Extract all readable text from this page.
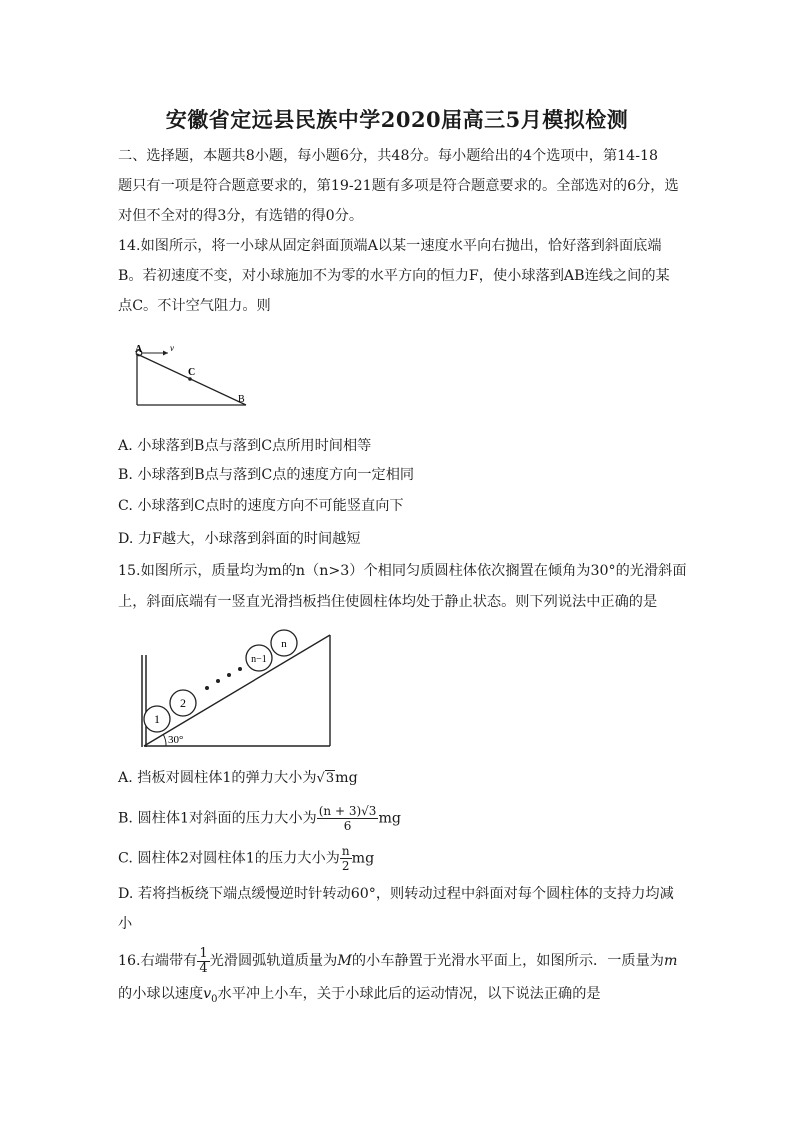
安徽省定远县民族中学2020届高三5月模拟检测
二、选择题，本题共8小题，每小题6分，共48分。每小题给出的4个选项中，第14-18
题只有一项是符合题意要求的，第19-21题有多项是符合题意要求的。全部选对的6分，选
对但不全对的得3分，有选错的得0分。
14.如图所示，将一小球从固定斜面顶端A以某一速度水平向右抛出，恰好落到斜面底端
B。若初速度不变，对小球施加不为零的水平方向的恒力F，使小球落到AB连线之间的某
点C。不计空气阻力。则
A	v
C
B
A. 小球落到B点与落到C点所用时间相等
B. 小球落到B点与落到C点的速度方向一定相同
C. 小球落到C点时的速度方向不可能竖直向下
D. 力F越大，小球落到斜面的时间越短
15.如图所示，质量均为m的n（n>3）个相同匀质圆柱体依次搁置在倾角为30°的光滑斜面
上，斜面底端有一竖直光滑挡板挡住使圆柱体均处于静止状态。则下列说法中正确的是
1
2
n−1
n
30°
A. 挡板对圆柱体1的弹力大小为√3mg
B. 圆柱体1对斜面的压力大小为 $\frac{(n + 3)√3}{6}$ mg
C. 圆柱体2对圆柱体1的压力大小为 $\frac{n}{2}$ mg
D. 若将挡板绕下端点缓慢逆时针转动60°，则转动过程中斜面对每个圆柱体的支持力均减
小
16.右端带有 $\frac{1}{4}$ 光滑圆弧轨道质量为M的小车静置于光滑水平面上，如图所示．一质量为m
的小球以速度$v_0$水平冲上小车，关于小球此后的运动情况，以下说法正确的是
